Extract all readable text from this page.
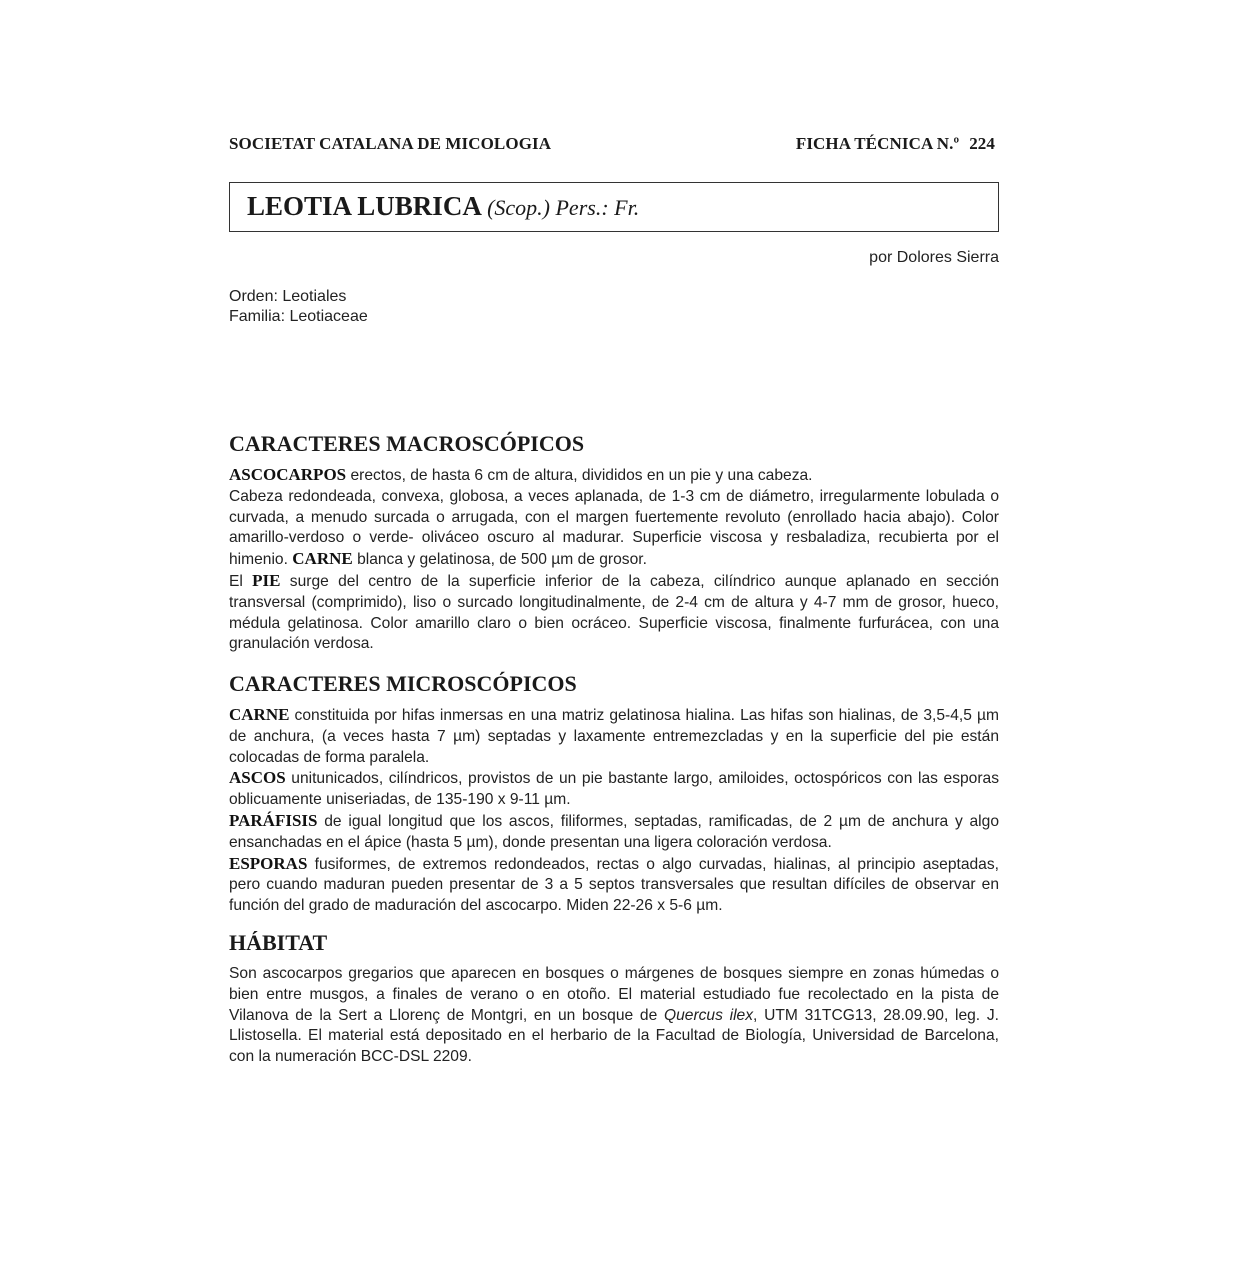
SOCIETAT CATALANA DE MICOLOGIA	FICHA TÉCNICA N.º 224
LEOTIA LUBRICA (Scop.) Pers.: Fr.
por Dolores Sierra
Orden: Leotiales
Familia: Leotiaceae
CARACTERES MACROSCÓPICOS

ASCOCARPOS erectos, de hasta 6 cm de altura, divididos en un pie y una cabeza.

Cabeza redondeada, convexa, globosa, a veces aplanada, de 1-3 cm de diámetro, irregularmente lobulada o curvada, a menudo surcada o arrugada, con el margen fuertemente revoluto (enrollado hacia abajo). Color amarillo-verdoso o verde- oliváceo oscuro al madurar. Superficie viscosa y resbaladiza, recubierta por el himenio. CARNE blanca y gelatinosa, de 500 µm de grosor.

El PIE surge del centro de la superficie inferior de la cabeza, cilíndrico aunque aplanado en sección transversal (comprimido), liso o surcado longitudinalmente, de 2-4 cm de altura y 4-7 mm de grosor, hueco, médula gelatinosa. Color amarillo claro o bien ocráceo. Superficie viscosa, finalmente furfurácea, con una granulación verdosa.

CARACTERES MICROSCÓPICOS

CARNE constituida por hifas inmersas en una matriz gelatinosa hialina. Las hifas son hialinas, de 3,5-4,5 µm de anchura, (a veces hasta 7 µm) septadas y laxamente entremezcladas y en la superficie del pie están colocadas de forma paralela.

ASCOS unitunicados, cilíndricos, provistos de un pie bastante largo, amiloides, octospóricos con las esporas oblicuamente uniseriadas, de 135-190 x 9-11 µm.

PARÁFISIS de igual longitud que los ascos, filiformes, septadas, ramificadas, de 2 µm de anchura y algo ensanchadas en el ápice (hasta 5 µm), donde presentan una ligera coloración verdosa.

ESPORAS fusiformes, de extremos redondeados, rectas o algo curvadas, hialinas, al principio aseptadas, pero cuando maduran pueden presentar de 3 a 5 septos transversales que resultan difíciles de observar en función del grado de maduración del ascocarpo. Miden 22-26 x 5-6 µm.

HÁBITAT

Son ascocarpos gregarios que aparecen en bosques o márgenes de bosques siempre en zonas húmedas o bien entre musgos, a finales de verano o en otoño. El material estudiado fue recolectado en la pista de Vilanova de la Sert a Llorenç de Montgri, en un bosque de Quercus ilex, UTM 31TCG13, 28.09.90, leg. J. Llistosella. El material está depositado en el herbario de la Facultad de Biología, Universidad de Barcelona, con la numeración BCC-DSL 2209.
